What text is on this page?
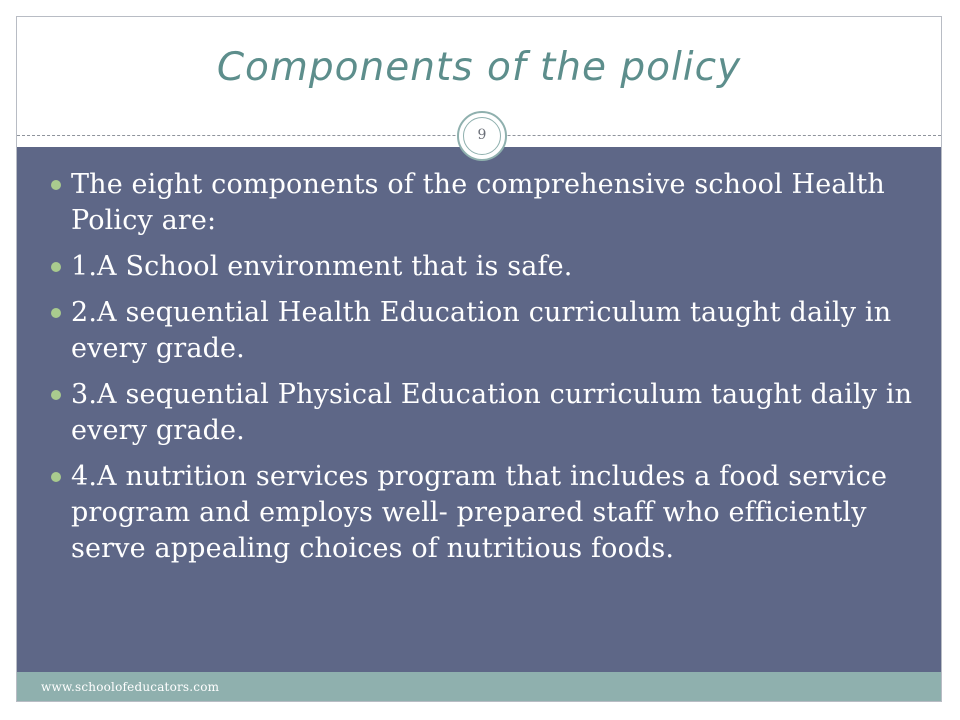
Components of the policy
9
The eight components of the comprehensive school Health Policy are:
1.A School environment that is safe.
2.A sequential Health Education curriculum taught daily in every grade.
3.A sequential Physical Education curriculum taught daily in every grade.
4.A nutrition services program that includes a food service program and employs well- prepared staff who efficiently serve appealing choices of nutritious foods.
www.schoolofeducators.com
